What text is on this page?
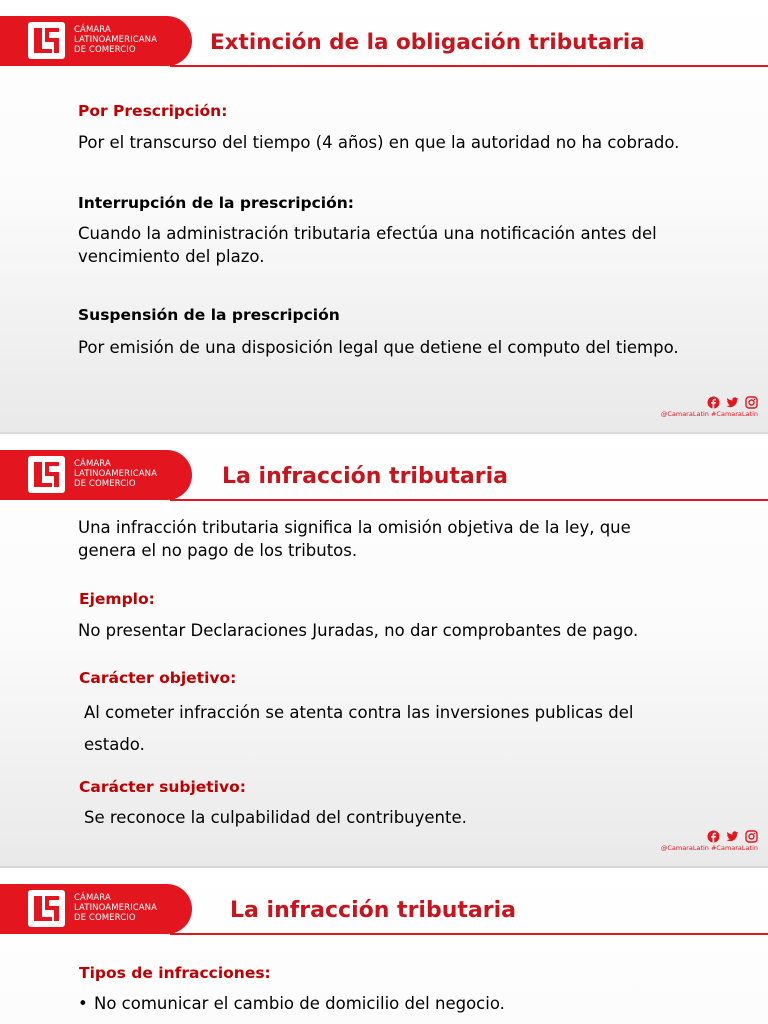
CÁMARA
LATINOAMERICANA
DE COMERCIO	Extinción de la obligación tributaria
Por Prescripción:
Por el transcurso del tiempo (4 años) en que la autoridad no ha cobrado.
Interrupción de la prescripción:
Cuando la administración tributaria efectúa una notificación antes del vencimiento del plazo.
Suspensión de la prescripción
Por emisión de una disposición legal que detiene el computo del tiempo.
@CamaraLatin #CamaraLatin
CÁMARA
LATINOAMERICANA
DE COMERCIO	La infracción tributaria
Una infracción tributaria significa la omisión objetiva de la ley, que genera el no pago de los tributos.
Ejemplo:
No presentar Declaraciones Juradas, no dar comprobantes de pago.
Carácter objetivo:
Al cometer infracción se atenta contra las inversiones publicas del estado.
Carácter subjetivo:
Se reconoce la culpabilidad del contribuyente.
@CamaraLatin #CamaraLatin
CÁMARA
LATINOAMERICANA
DE COMERCIO	La infracción tributaria
Tipos de infracciones:
• No comunicar el cambio de domicilio del negocio.
